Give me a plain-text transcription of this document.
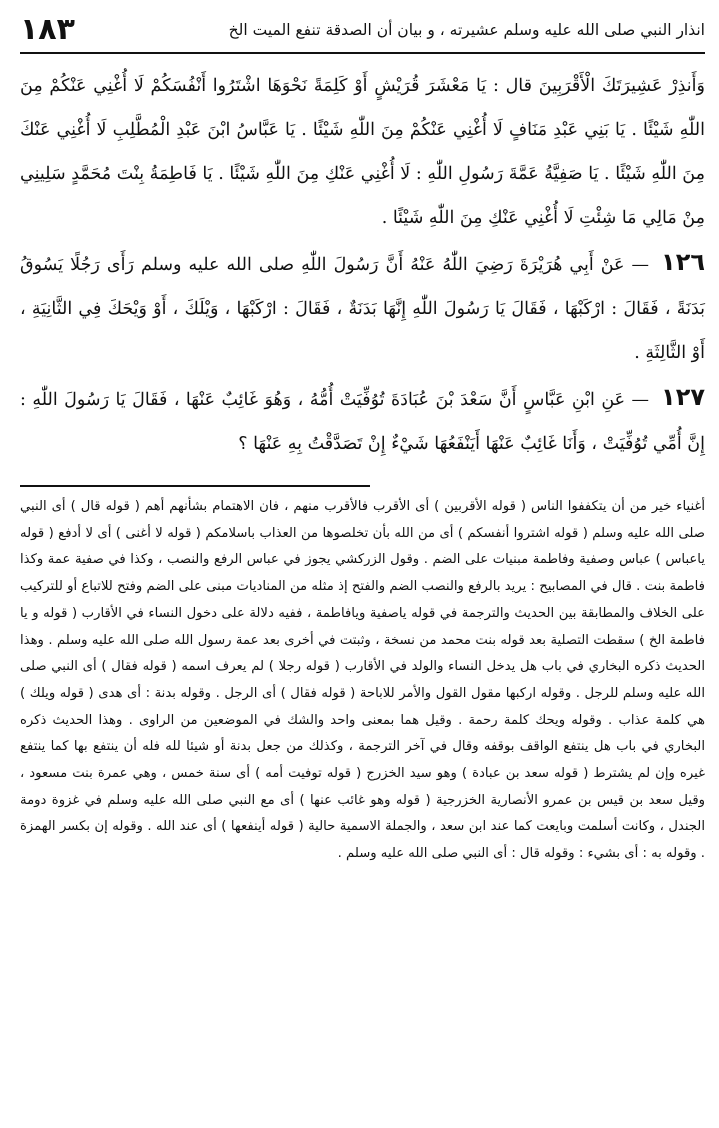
انذار النبي صلى الله عليه وسلم عشيرته ، و بيان أن الصدقة تنفع الميت الخ
١٨٣

وَأَنذِرْ عَشِيرَتَكَ الْأَقْرَبِينَ قال : يَا مَعْشَرَ قُرَيْشٍ أَوْ كَلِمَةً نَحْوَهَا اشْتَرُوا أَنْفُسَكُمْ لَا أُغْنِي عَنْكُمْ مِنَ اللّٰهِ شَيْئًا . يَا بَنِي عَبْدِ مَنَافٍ لَا أُغْنِي عَنْكُمْ مِنَ اللّٰهِ شَيْئًا . يَا عَبَّاسُ ابْنَ عَبْدِ الْمُطَّلِبِ لَا أُغْنِي عَنْكَ مِنَ اللّٰهِ شَيْئًا . يَا صَفِيَّةُ عَمَّةَ رَسُولِ اللّٰهِ : لَا أُغْنِي عَنْكِ مِنَ اللّٰهِ شَيْئًا . يَا فَاطِمَةُ بِنْتَ مُحَمَّدٍ سَلِينِي مِنْ مَالِي مَا شِئْتِ لَا أُغْنِي عَنْكِ مِنَ اللّٰهِ شَيْئًا .

١٢٦— عَنْ أَبِي هُرَيْرَةَ رَضِيَ اللّٰهُ عَنْهُ أَنَّ رَسُولَ اللّٰهِ صلى الله عليه وسلم رَأَى رَجُلًا يَسُوقُ بَدَنَةً ، فَقَالَ : ارْكَبْهَا ، فَقَالَ يَا رَسُولَ اللّٰهِ إِنَّهَا بَدَنَةٌ ، فَقَالَ : ارْكَبْهَا ، وَيْلَكَ ، أَوْ وَيْحَكَ فِي الثَّانِيَةِ ، أَوْ الثَّالِثَةِ .

١٢٧— عَنِ ابْنِ عَبَّاسٍ أَنَّ سَعْدَ بْنَ عُبَادَةَ تُوُفِّيَتْ أُمُّهُ ، وَهُوَ غَائِبٌ عَنْهَا ، فَقَالَ يَا رَسُولَ اللّٰهِ : إِنَّ أُمِّي تُوُفِّيَتْ ، وَأَنَا غَائِبٌ عَنْهَا أَيَنْفَعُهَا شَيْءٌ إِنْ تَصَدَّقْتُ بِهِ عَنْهَا ؟

أغنياء خير من أن يتكففوا الناس ( قوله الأقربين ) أى الأقرب فالأقرب منهم ، فان الاهتمام بشأنهم أهم ( قوله قال ) أى النبي صلى الله عليه وسلم ( قوله اشتروا أنفسكم ) أى من الله بأن تخلصوها من العذاب باسلامكم ( قوله لا أغنى ) أى لا أدفع ( قوله ياعباس ) عباس وصفية وفاطمة مبنيات على الضم . وقول الزركشي يجوز في عباس الرفع والنصب ، وكذا في صفية عمة وكذا فاطمة بنت . قال في المصابيح : يريد بالرفع والنصب الضم والفتح إذ مثله من المناديات مبنى على الضم وفتح للاتباع أو للتركيب على الخلاف والمطابقة بين الحديث والترجمة في قوله ياصفية ويافاطمة ، ففيه دلالة على دخول النساء في الأقارب ( قوله و يا فاطمة الخ ) سقطت التصلية بعد قوله بنت محمد من نسخة ، وثبتت في أخرى بعد عمة رسول الله صلى الله عليه وسلم . وهذا الحديث ذكره البخاري في باب هل يدخل النساء والولد في الأقارب ( قوله رجلا ) لم يعرف اسمه ( قوله فقال ) أى النبي صلى الله عليه وسلم للرجل . وقوله اركبها مقول القول والأمر للاباحة ( قوله فقال ) أى الرجل . وقوله بدنة : أى هدى ( قوله ويلك ) هي كلمة عذاب . وقوله ويحك كلمة رحمة . وقيل هما بمعنى واحد والشك في الموضعين من الراوى . وهذا الحديث ذكره البخاري في باب هل ينتفع الواقف بوقفه وقال في آخر الترجمة ، وكذلك من جعل بدنة أو شيئا لله فله أن ينتفع بها كما ينتفع غيره وإن لم يشترط ( قوله سعد بن عبادة ) وهو سيد الخزرج ( قوله توفيت أمه ) أى سنة خمس ، وهي عمرة بنت مسعود ، وقيل سعد بن قيس بن عمرو الأنصارية الخزرجية ( قوله وهو غائب عنها ) أى مع النبي صلى الله عليه وسلم في غزوة دومة الجندل ، وكانت أسلمت وبايعت كما عند ابن سعد ، والجملة الاسمية حالية ( قوله أينفعها ) أى عند الله . وقوله إن بكسر الهمزة . وقوله به : أى بشيء : وقوله قال : أى النبي صلى الله عليه وسلم .
